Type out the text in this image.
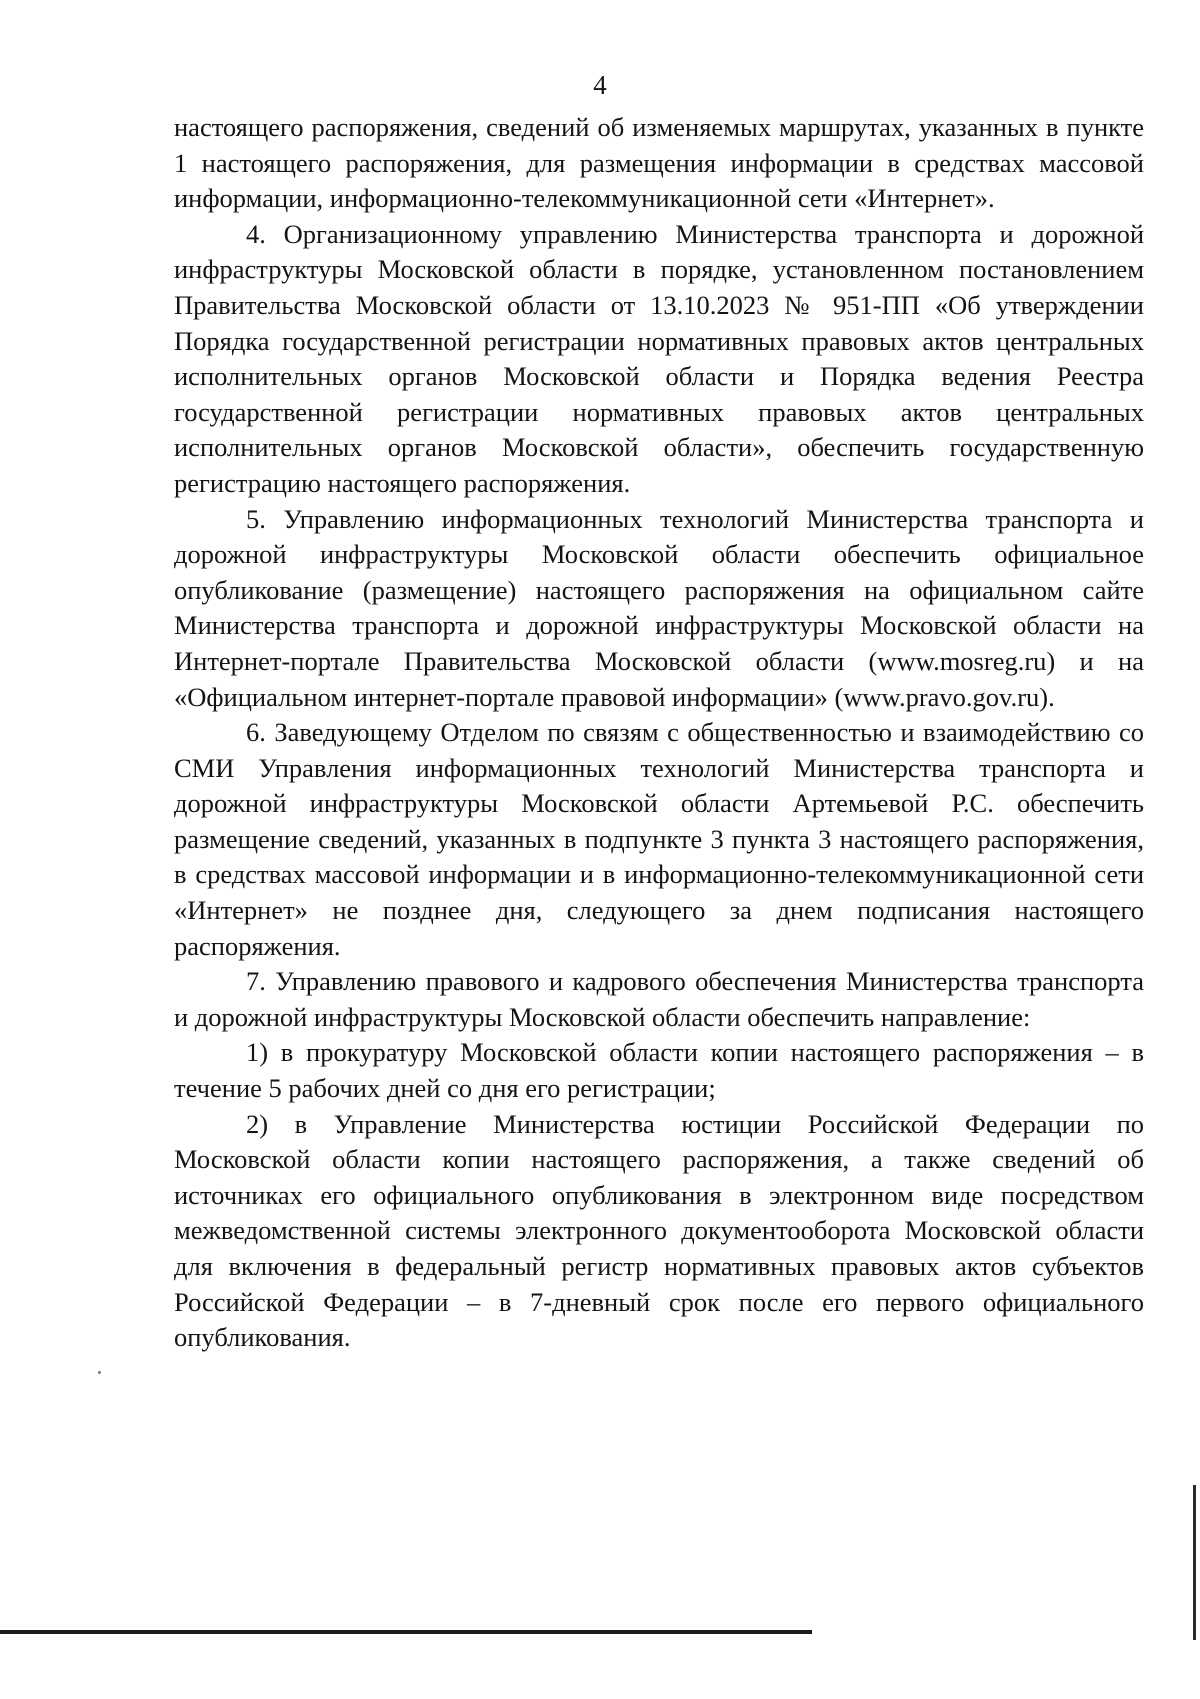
4

настоящего распоряжения, сведений об изменяемых маршрутах, указанных в пункте 1 настоящего распоряжения, для размещения информации в средствах массовой информации, информационно-телекоммуникационной сети «Интернет».

4. Организационному управлению Министерства транспорта и дорожной инфраструктуры Московской области в порядке, установленном постановлением Правительства Московской области от 13.10.2023 № 951-ПП «Об утверждении Порядка государственной регистрации нормативных правовых актов центральных исполнительных органов Московской области и Порядка ведения Реестра государственной регистрации нормативных правовых актов центральных исполнительных органов Московской области», обеспечить государственную регистрацию настоящего распоряжения.

5. Управлению информационных технологий Министерства транспорта и дорожной инфраструктуры Московской области обеспечить официальное опубликование (размещение) настоящего распоряжения на официальном сайте Министерства транспорта и дорожной инфраструктуры Московской области на Интернет-портале Правительства Московской области (www.mosreg.ru) и на «Официальном интернет-портале правовой информации» (www.pravo.gov.ru).

6. Заведующему Отделом по связям с общественностью и взаимодействию со СМИ Управления информационных технологий Министерства транспорта и дорожной инфраструктуры Московской области Артемьевой Р.С. обеспечить размещение сведений, указанных в подпункте 3 пункта 3 настоящего распоряжения, в средствах массовой информации и в информационно-телекоммуникационной сети «Интернет» не позднее дня, следующего за днем подписания настоящего распоряжения.

7. Управлению правового и кадрового обеспечения Министерства транспорта и дорожной инфраструктуры Московской области обеспечить направление:

1) в прокуратуру Московской области копии настоящего распоряжения – в течение 5 рабочих дней со дня его регистрации;

2) в Управление Министерства юстиции Российской Федерации по Московской области копии настоящего распоряжения, а также сведений об источниках его официального опубликования в электронном виде посредством межведомственной системы электронного документооборота Московской области для включения в федеральный регистр нормативных правовых актов субъектов Российской Федерации – в 7-дневный срок после его первого официального опубликования.
